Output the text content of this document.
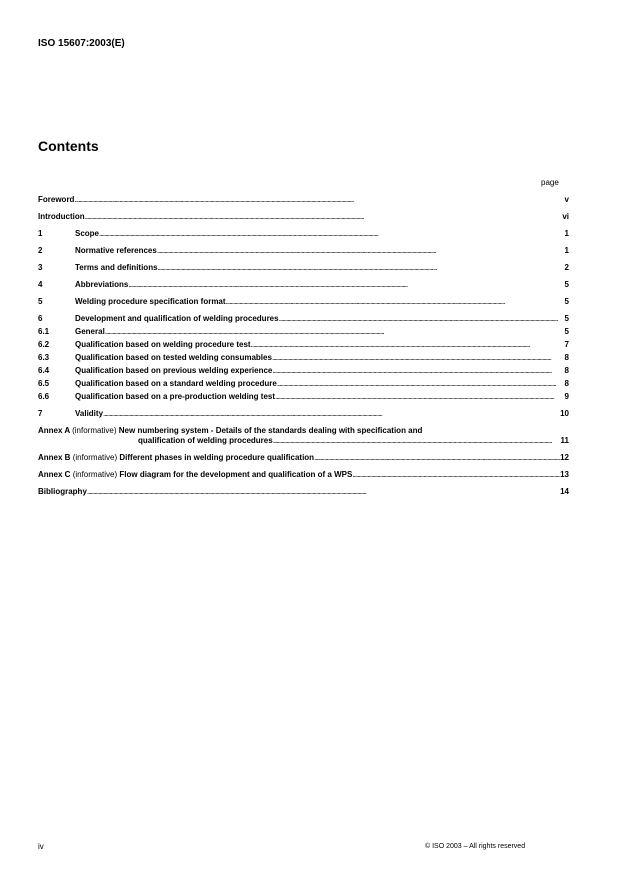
ISO 15607:2003(E)
Contents
page
Foreword . . .	v
Introduction . . .	vi
1	Scope . . .	1
2	Normative references . . .	1
3	Terms and definitions . . .	2
4	Abbreviations . . .	5
5	Welding procedure specification format . . .	5
6	Development and qualification of welding procedures . . .	5
6.1	General . . .	5
6.2	Qualification based on welding procedure test . . .	7
6.3	Qualification based on tested welding consumables . . .	8
6.4	Qualification based on previous welding experience . . .	8
6.5	Qualification based on a standard welding procedure . . .	8
6.6	Qualification based on a pre-production welding test . . .	9
7	Validity . . .	10
Annex A (informative) New numbering system - Details of the standards dealing with specification and
qualification of welding procedures . . .	11
Annex B (informative) Different phases in welding procedure qualification . . .	12
Annex C (informative) Flow diagram for the development and qualification of a WPS . . .	13
Bibliography . . .	14
iv	© ISO 2003 – All rights reserved
